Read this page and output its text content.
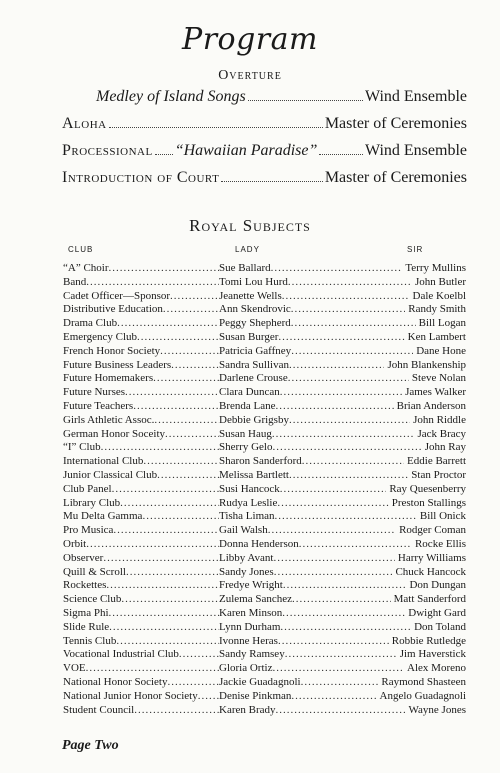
Program
Overture
Medley of Island Songs	Wind Ensemble
Aloha	Master of Ceremonies
Processional “Hawaiian Paradise”	Wind Ensemble
Introduction of Court	Master of Ceremonies
Royal Subjects
CLUB	LADY	SIR
“A” Choir .....	Sue Ballard .....	Terry Mullins
Band .....	Tomi Lou Hurd .....	John Butler
Cadet Officer—Sponsor .....	Jeanette Wells .....	Dale Koelbl
Distributive Education .....	Ann Skendrovic .....	Randy Smith
Drama Club .....	Peggy Shepherd .....	Bill Logan
Emergency Club .....	Susan Burger .....	Ken Lambert
French Honor Society .....	Patricia Gaffney .....	Dane Hone
Future Business Leaders .....	Sandra Sullivan .....	John Blankenship
Future Homemakers .....	Darlene Crouse .....	Steve Nolan
Future Nurses .....	Clara Duncan .....	James Walker
Future Teachers .....	Brenda Lane .....	Brian Anderson
Girls Athletic Assoc. .....	Debbie Grigsby .....	John Riddle
German Honor Soceity .....	Susan Haug .....	Jack Bracy
“I” Club .....	Sherry Gelo .....	John Ray
International Club .....	Sharon Sanderford .....	Eddie Barrett
Junior Classical Club .....	Melissa Bartlett .....	Stan Proctor
Club Panel .....	Susi Hancock .....	Ray Quesenberry
Library Club .....	Rudya Leslie .....	Preston Stallings
Mu Delta Gamma .....	Tisha Liman .....	Bill Onick
Pro Musica .....	Gail Walsh .....	Rodger Coman
Orbit .....	Donna Henderson .....	Rocke Ellis
Observer .....	Libby Avant .....	Harry Williams
Quill & Scroll .....	Sandy Jones .....	Chuck Hancock
Rockettes .....	Fredye Wright .....	Don Dungan
Science Club .....	Zulema Sanchez .....	Matt Sanderford
Sigma Phi .....	Karen Minson .....	Dwight Gard
Slide Rule .....	Lynn Durham .....	Don Toland
Tennis Club .....	Ivonne Heras .....	Robbie Rutledge
Vocational Industrial Club .....	Sandy Ramsey .....	Jim Haverstick
VOE .....	Gloria Ortiz .....	Alex Moreno
National Honor Society .....	Jackie Guadagnoli .....	Raymond Shasteen
National Junior Honor Society ..... Denise Pinkman .....	Angelo Guadagnoli
Student Council .....	Karen Brady .....	Wayne Jones
Page Two
